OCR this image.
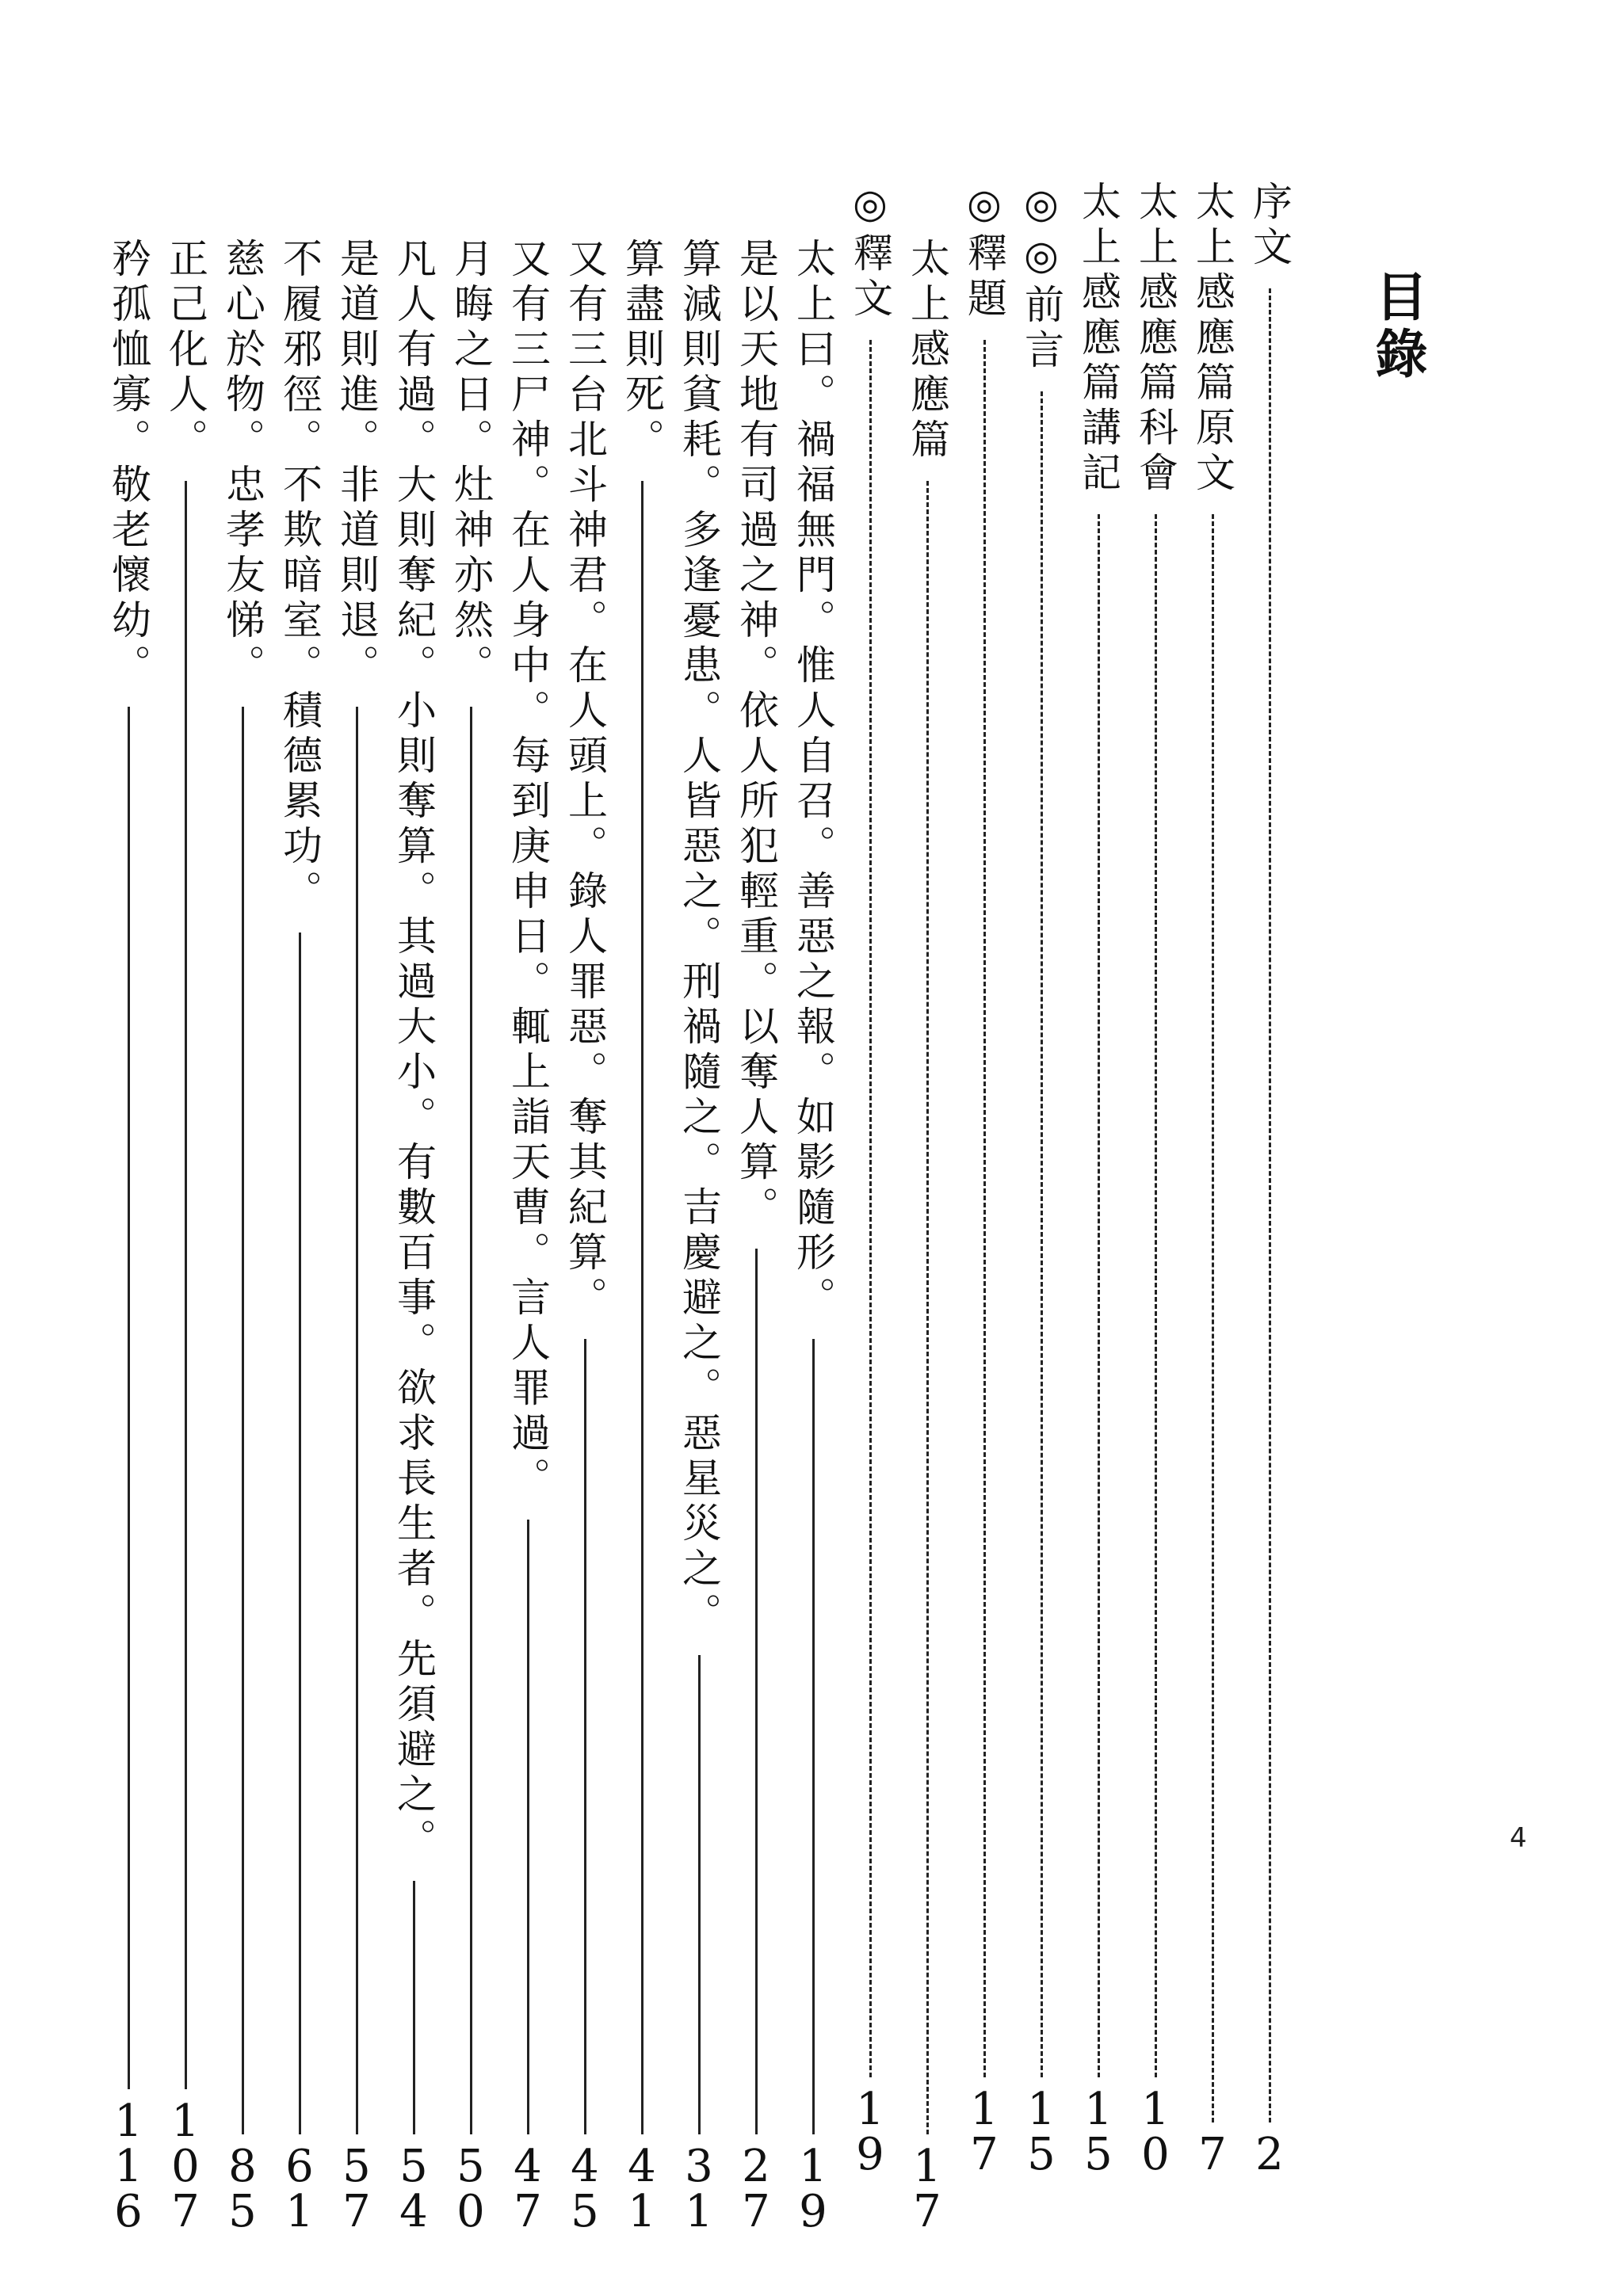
目錄
序文
2
太上感應篇原文
7
太上感應篇科會
1
0
太上感應篇講記
1
5
◎◎前言
1
5
◎釋題
1
7
太上感應篇
1
7
◎釋文
1
9
太上曰。禍福無門。惟人自召。善惡之報。如影隨形。
1
9
是以天地有司過之神。依人所犯輕重。以奪人算。
2
7
算減則貧耗。多逢憂患。人皆惡之。刑禍隨之。吉慶避之。惡星災之。
3
1
算盡則死。
4
1
又有三台北斗神君。在人頭上。錄人罪惡。奪其紀算。
4
5
又有三尸神。在人身中。每到庚申日。輒上詣天曹。言人罪過。
4
7
月晦之日。灶神亦然。
5
0
凡人有過。大則奪紀。小則奪算。其過大小。有數百事。欲求長生者。先須避之。
5
4
是道則進。非道則退。
5
7
不履邪徑。不欺暗室。積德累功。
6
1
慈心於物。忠孝友悌。
8
5
正己化人。
1
0
7
矜孤恤寡。敬老懷幼。
1
1
6
4
